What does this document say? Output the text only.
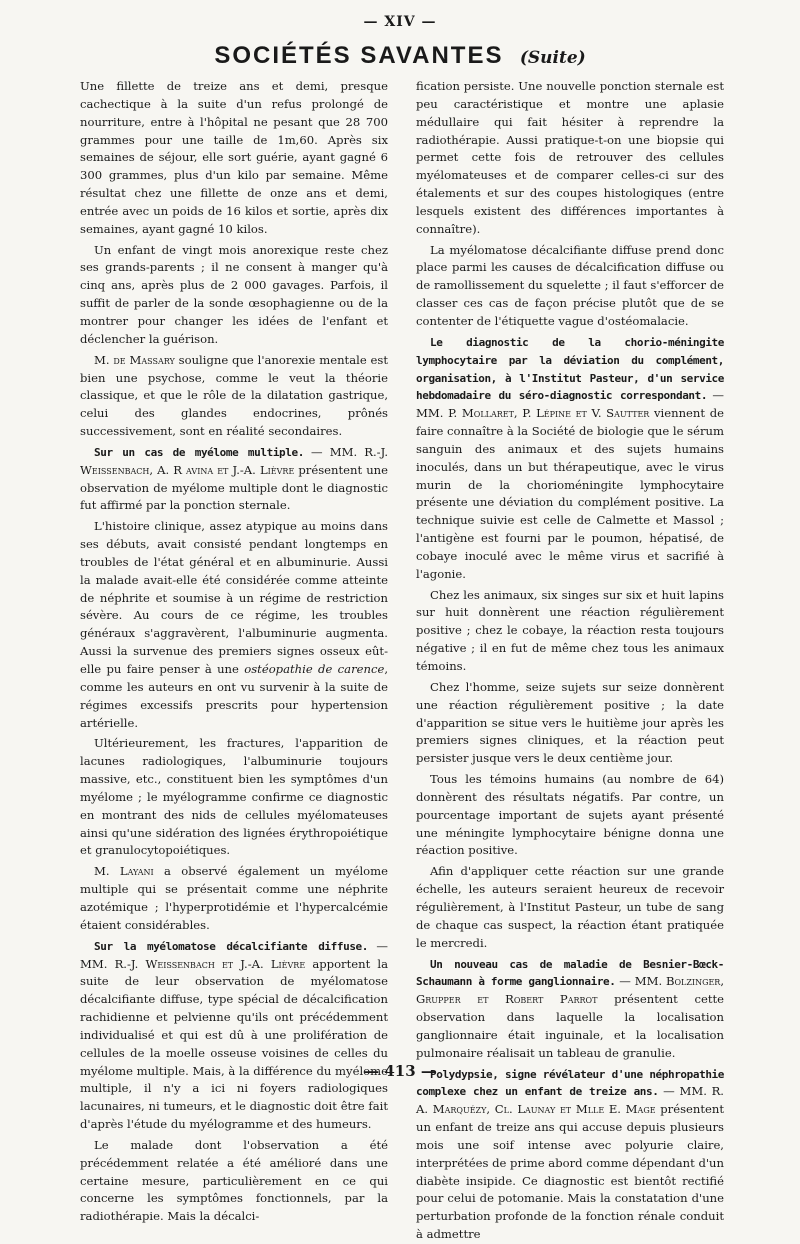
— XIV —
SOCIÉTÉS SAVANTES (Suite)

Une fillette de treize ans et demi, presque cachectique à la suite d'un refus prolongé de nourriture, entre à l'hôpital ne pesant que 28 700 grammes pour une taille de 1m,60. Après six semaines de séjour, elle sort guérie, ayant gagné 6 300 grammes, plus d'un kilo par semaine. Même résultat chez une fillette de onze ans et demi, entrée avec un poids de 16 kilos et sortie, après dix semaines, ayant gagné 10 kilos.

Un enfant de vingt mois anorexique reste chez ses grands-parents ; il ne consent à manger qu'à cinq ans, après plus de 2 000 gavages. Parfois, il suffit de parler de la sonde œsophagienne ou de la montrer pour changer les idées de l'enfant et déclencher la guérison.

M. de Massary souligne que l'anorexie mentale est bien une psychose, comme le veut la théorie classique, et que le rôle de la dilatation gastrique, celui des glandes endocrines, prônés successivement, sont en réalité secondaires.

Sur un cas de myélome multiple. — MM. R.-J. Weissenbach, A. R avina et J.-A. Lièvre présentent une observation de myélome multiple dont le diagnostic fut affirmé par la ponction sternale.

L'histoire clinique, assez atypique au moins dans ses débuts, avait consisté pendant longtemps en troubles de l'état général et en albuminurie. Aussi la malade avait-elle été considérée comme atteinte de néphrite et soumise à un régime de restriction sévère. Au cours de ce régime, les troubles généraux s'aggravèrent, l'albuminurie augmenta. Aussi la survenue des premiers signes osseux eût-elle pu faire penser à une ostéopathie de carence, comme les auteurs en ont vu survenir à la suite de régimes excessifs prescrits pour hypertension artérielle.

Ultérieurement, les fractures, l'apparition de lacunes radiologiques, l'albuminurie toujours massive, etc., constituent bien les symptômes d'un myélome ; le myélogramme confirme ce diagnostic en montrant des nids de cellules myélomateuses ainsi qu'une sidération des lignées érythropoiétique et granulocytopoiétiques.

M. Layani a observé également un myélome multiple qui se présentait comme une néphrite azotémique ; l'hyperprotidémie et l'hypercalcémie étaient considérables.

Sur la myélomatose décalcifiante diffuse. — MM. R.-J. Weissenbach et J.-A. Lièvre apportent la suite de leur observation de myélomatose décalcifiante diffuse, type spécial de décalcification rachidienne et pelvienne qu'ils ont précédemment individualisé et qui est dû à une prolifération de cellules de la moelle osseuse voisines de celles du myélome multiple. Mais, à la différence du myélome multiple, il n'y a ici ni foyers radiologiques lacunaires, ni tumeurs, et le diagnostic doit être fait d'après l'étude du myélogramme et des humeurs.

Le malade dont l'observation a été précédemment relatée a été amélioré dans une certaine mesure, particulièrement en ce qui concerne les symptômes fonctionnels, par la radiothérapie. Mais la décalci-

fication persiste. Une nouvelle ponction sternale est peu caractéristique et montre une aplasie médullaire qui fait hésiter à reprendre la radiothérapie. Aussi pratique-t-on une biopsie qui permet cette fois de retrouver des cellules myélomateuses et de comparer celles-ci sur des étalements et sur des coupes histologiques (entre lesquels existent des différences importantes à connaître).

La myélomatose décalcifiante diffuse prend donc place parmi les causes de décalcification diffuse ou de ramollissement du squelette ; il faut s'efforcer de classer ces cas de façon précise plutôt que de se contenter de l'étiquette vague d'ostéomalacie.

Le diagnostic de la chorio-méningite lymphocytaire par la déviation du complément, organisation, à l'Institut Pasteur, d'un service hebdomadaire du séro-diagnostic correspondant. — MM. P. Mollaret, P. Lépine et V. Sautter viennent de faire connaître à la Société de biologie que le sérum sanguin des animaux et des sujets humains inoculés, dans un but thérapeutique, avec le virus murin de la chorioméningite lymphocytaire présente une déviation du complément positive. La technique suivie est celle de Calmette et Massol ; l'antigène est fourni par le poumon, hépatisé, de cobaye inoculé avec le même virus et sacrifié à l'agonie.

Chez les animaux, six singes sur six et huit lapins sur huit donnèrent une réaction régulièrement positive ; chez le cobaye, la réaction resta toujours négative ; il en fut de même chez tous les animaux témoins.

Chez l'homme, seize sujets sur seize donnèrent une réaction régulièrement positive ; la date d'apparition se situe vers le huitième jour après les premiers signes cliniques, et la réaction peut persister jusque vers le deux centième jour.

Tous les témoins humains (au nombre de 64) donnèrent des résultats négatifs. Par contre, un pourcentage important de sujets ayant présenté une méningite lymphocytaire bénigne donna une réaction positive.

Afin d'appliquer cette réaction sur une grande échelle, les auteurs seraient heureux de recevoir régulièrement, à l'Institut Pasteur, un tube de sang de chaque cas suspect, la réaction étant pratiquée le mercredi.

Un nouveau cas de maladie de Besnier-Bœck-Schaumann à forme ganglionnaire. — MM. Bolzinger, Grupper et Robert Parrot présentent cette observation dans laquelle la localisation ganglionnaire était inguinale, et la localisation pulmonaire réalisait un tableau de granulie.

Polydypsie, signe révélateur d'une néphropathie complexe chez un enfant de treize ans. — MM. R. A. Marquézy, Cl. Launay et Mlle E. Mage présentent un enfant de treize ans qui accuse depuis plusieurs mois une soif intense avec polyurie claire, interprétées de prime abord comme dépendant d'un diabète insipide. Ce diagnostic est bientôt rectifié pour celui de potomanie. Mais la constatation d'une perturbation profonde de la fonction rénale conduit à admettre

— 413 —
